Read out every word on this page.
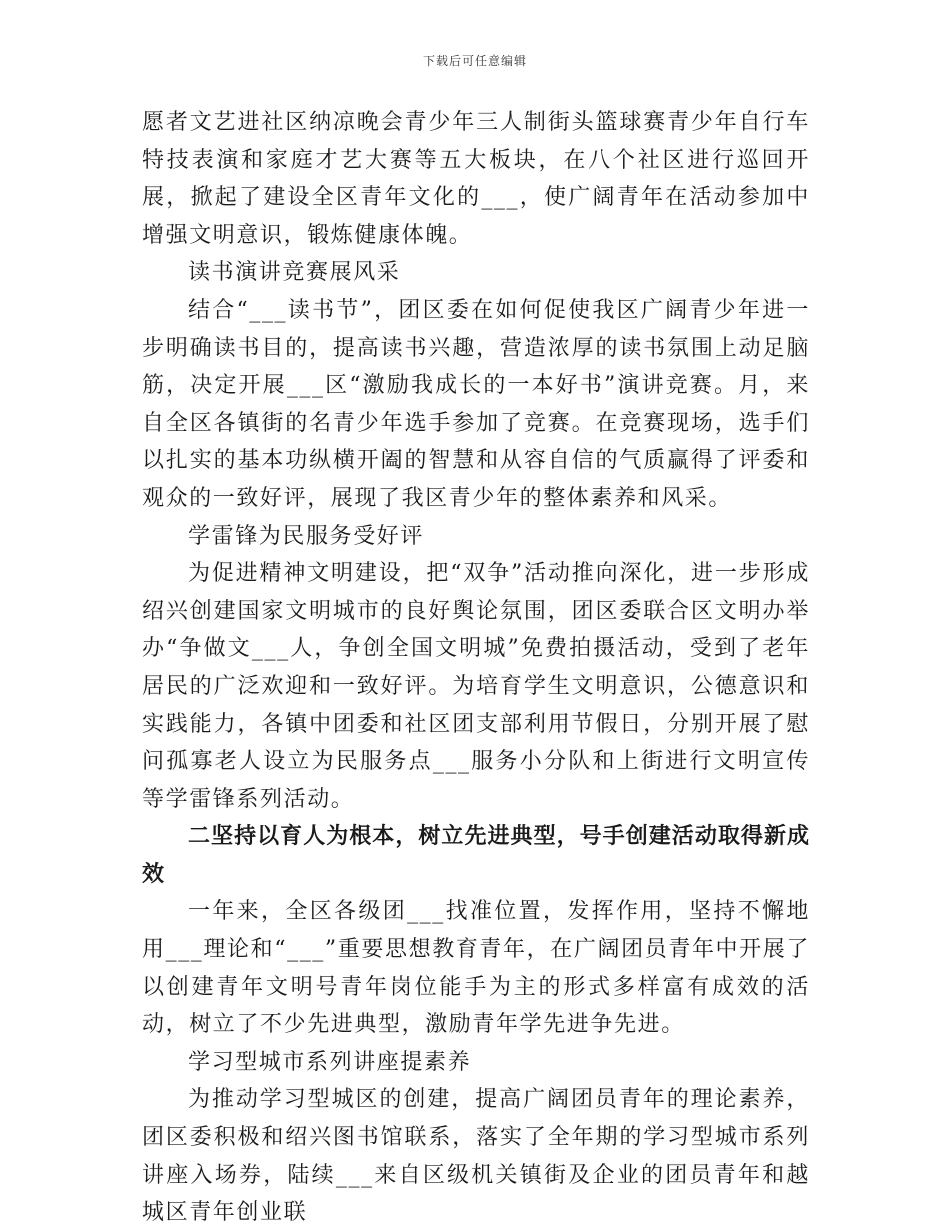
下载后可任意编辑

愿者文艺进社区纳凉晚会青少年三人制街头篮球赛青少年自行车特技表演和家庭才艺大赛等五大板块，在八个社区进行巡回开展，掀起了建设全区青年文化的___，使广阔青年在活动参加中增强文明意识，锻炼健康体魄。

读书演讲竞赛展风采

结合“___读书节”，团区委在如何促使我区广阔青少年进一步明确读书目的，提高读书兴趣，营造浓厚的读书氛围上动足脑筋，决定开展___区“激励我成长的一本好书”演讲竞赛。月，来自全区各镇街的名青少年选手参加了竞赛。在竞赛现场，选手们以扎实的基本功纵横开阖的智慧和从容自信的气质赢得了评委和观众的一致好评，展现了我区青少年的整体素养和风采。

学雷锋为民服务受好评

为促进精神文明建设，把“双争”活动推向深化，进一步形成绍兴创建国家文明城市的良好舆论氛围，团区委联合区文明办举办“争做文___人，争创全国文明城”免费拍摄活动，受到了老年居民的广泛欢迎和一致好评。为培育学生文明意识，公德意识和实践能力，各镇中团委和社区团支部利用节假日，分别开展了慰问孤寡老人设立为民服务点___服务小分队和上街进行文明宣传等学雷锋系列活动。

二坚持以育人为根本，树立先进典型，号手创建活动取得新成效

一年来，全区各级团___找准位置，发挥作用，坚持不懈地用___理论和“___”重要思想教育青年，在广阔团员青年中开展了以创建青年文明号青年岗位能手为主的形式多样富有成效的活动，树立了不少先进典型，激励青年学先进争先进。

学习型城市系列讲座提素养

为推动学习型城区的创建，提高广阔团员青年的理论素养，团区委积极和绍兴图书馆联系，落实了全年期的学习型城市系列讲座入场券，陆续___来自区级机关镇街及企业的团员青年和越城区青年创业联
